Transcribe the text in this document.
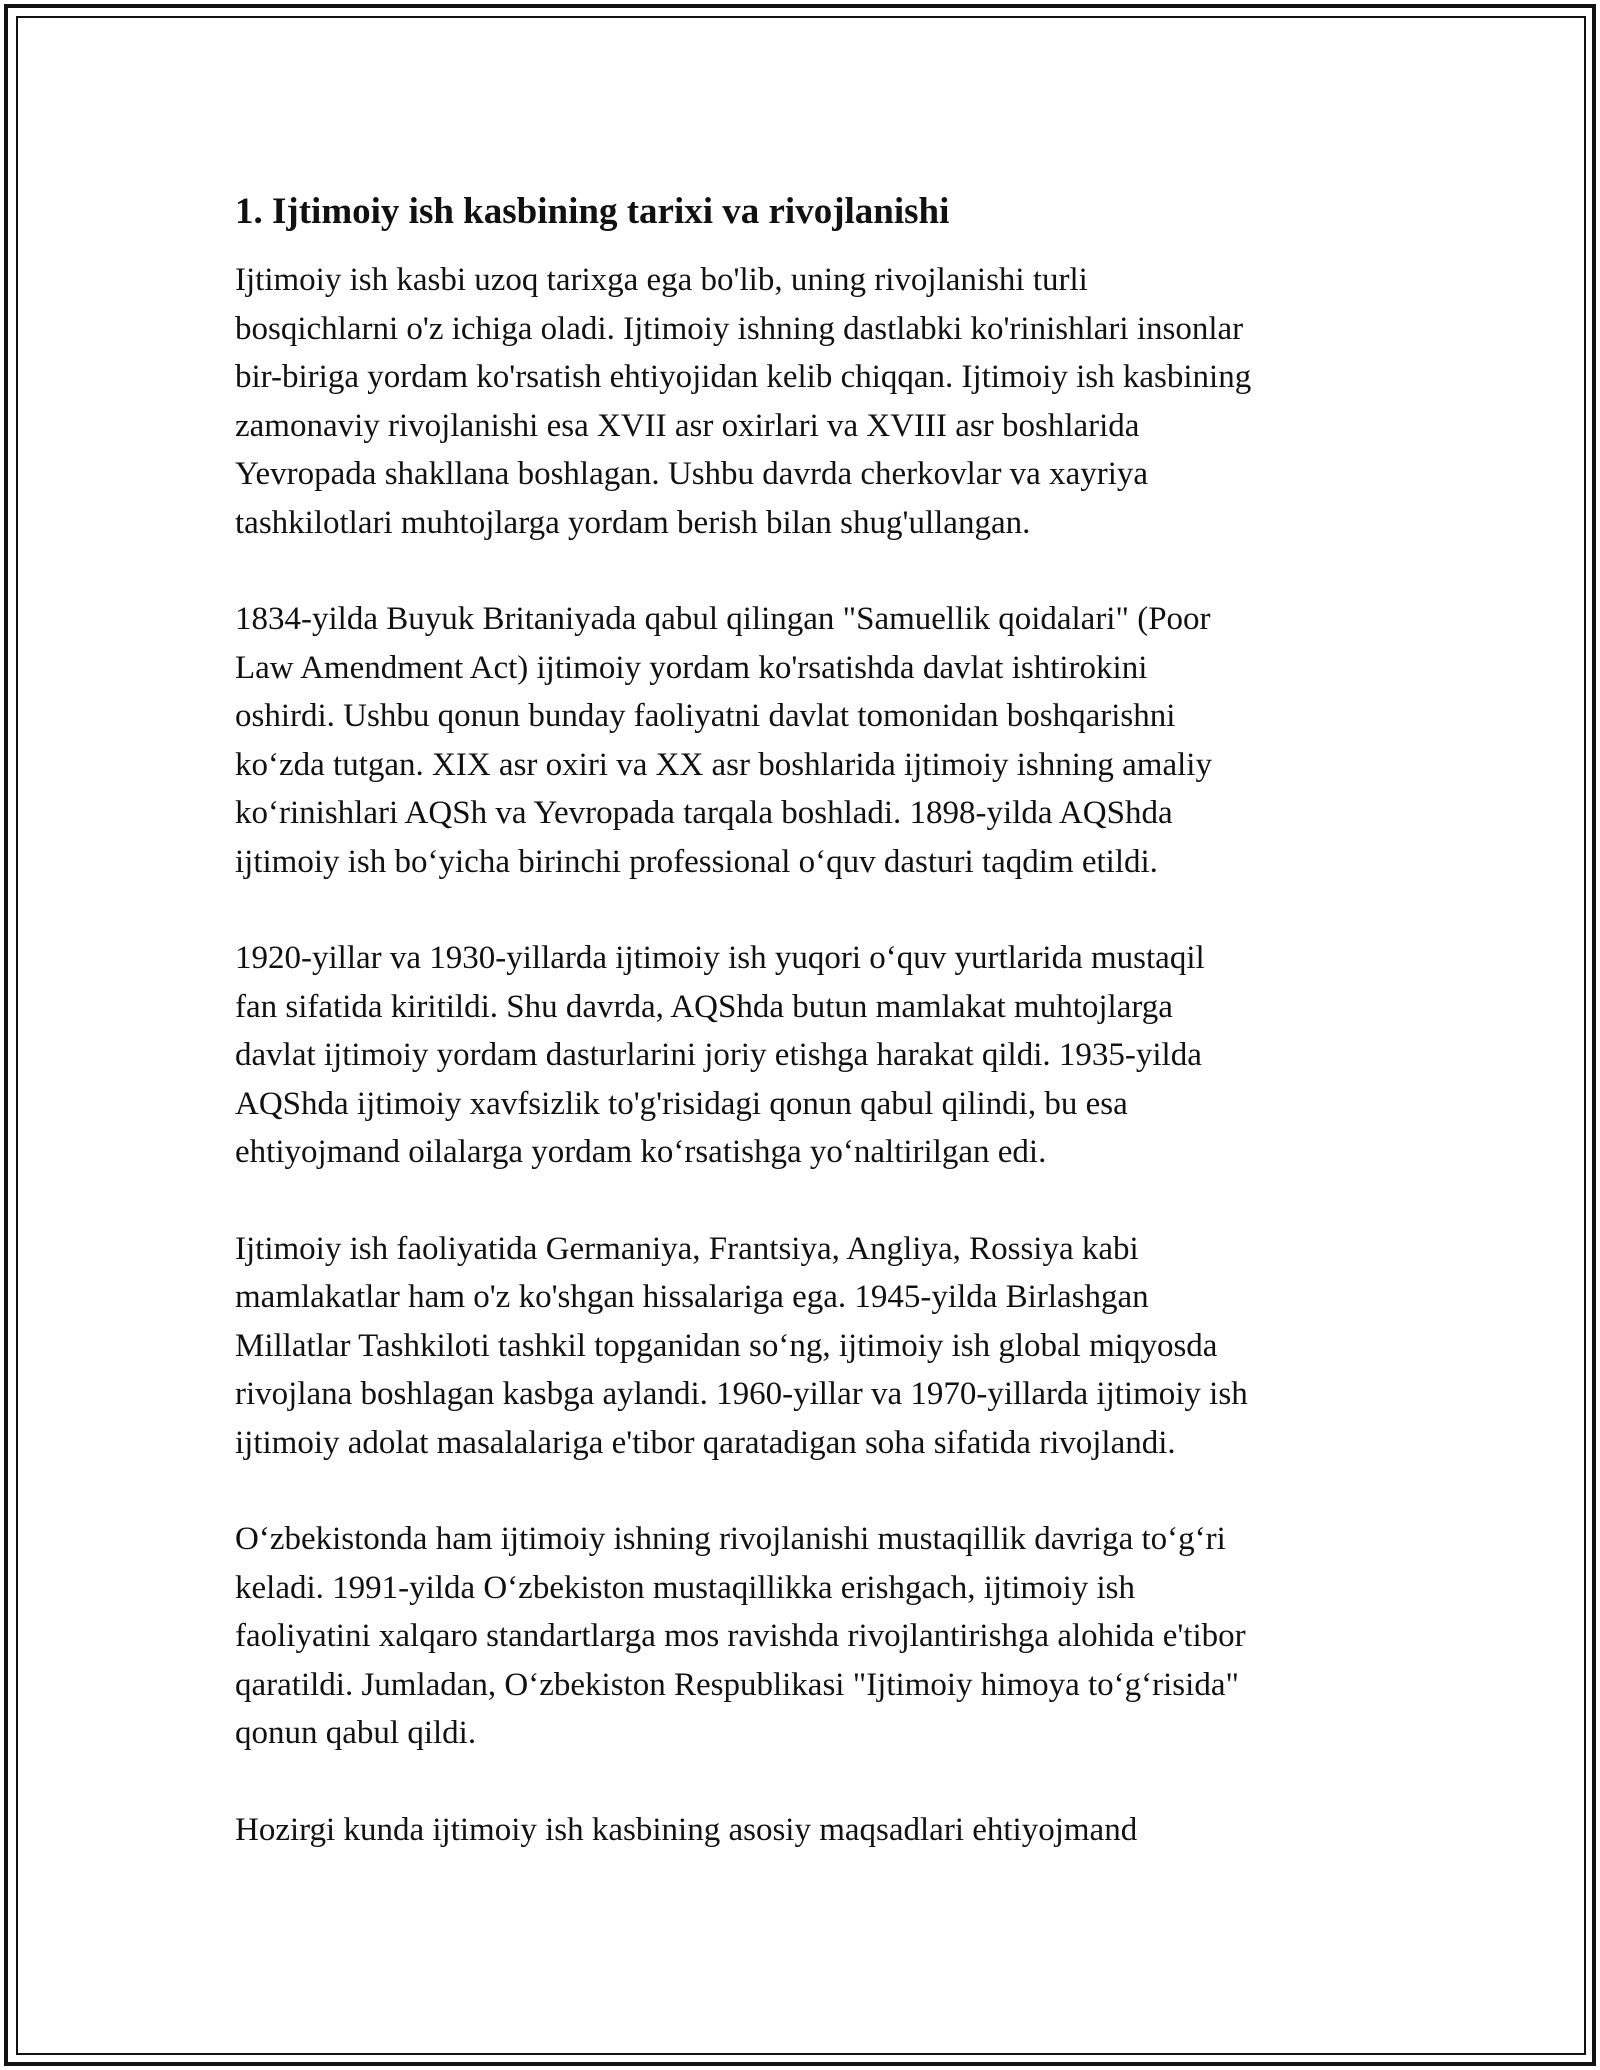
1. Ijtimoiy ish kasbining tarixi va rivojlanishi

Ijtimoiy ish kasbi uzoq tarixga ega bo'lib, uning rivojlanishi turli
bosqichlarni o'z ichiga oladi. Ijtimoiy ishning dastlabki ko'rinishlari insonlar
bir-biriga yordam ko'rsatish ehtiyojidan kelib chiqqan. Ijtimoiy ish kasbining
zamonaviy rivojlanishi esa XVII asr oxirlari va XVIII asr boshlarida
Yevropada shakllana boshlagan. Ushbu davrda cherkovlar va xayriya
tashkilotlari muhtojlarga yordam berish bilan shug'ullangan.

1834-yilda Buyuk Britaniyada qabul qilingan "Samuellik qoidalari" (Poor
Law Amendment Act) ijtimoiy yordam ko'rsatishda davlat ishtirokini
oshirdi. Ushbu qonun bunday faoliyatni davlat tomonidan boshqarishni
koʻzda tutgan. XIX asr oxiri va XX asr boshlarida ijtimoiy ishning amaliy
koʻrinishlari AQSh va Yevropada tarqala boshladi. 1898-yilda AQShda
ijtimoiy ish boʻyicha birinchi professional oʻquv dasturi taqdim etildi.

1920-yillar va 1930-yillarda ijtimoiy ish yuqori oʻquv yurtlarida mustaqil
fan sifatida kiritildi. Shu davrda, AQShda butun mamlakat muhtojlarga
davlat ijtimoiy yordam dasturlarini joriy etishga harakat qildi. 1935-yilda
AQShda ijtimoiy xavfsizlik to'g'risidagi qonun qabul qilindi, bu esa
ehtiyojmand oilalarga yordam koʻrsatishga yoʻnaltirilgan edi.

Ijtimoiy ish faoliyatida Germaniya, Frantsiya, Angliya, Rossiya kabi
mamlakatlar ham o'z ko'shgan hissalariga ega. 1945-yilda Birlashgan
Millatlar Tashkiloti tashkil topganidan soʻng, ijtimoiy ish global miqyosda
rivojlana boshlagan kasbga aylandi. 1960-yillar va 1970-yillarda ijtimoiy ish
ijtimoiy adolat masalalariga e'tibor qaratadigan soha sifatida rivojlandi.

Oʻzbekistonda ham ijtimoiy ishning rivojlanishi mustaqillik davriga toʻgʻri
keladi. 1991-yilda Oʻzbekiston mustaqillikka erishgach, ijtimoiy ish
faoliyatini xalqaro standartlarga mos ravishda rivojlantirishga alohida e'tibor
qaratildi. Jumladan, Oʻzbekiston Respublikasi "Ijtimoiy himoya toʻgʻrisida"
qonun qabul qildi.

Hozirgi kunda ijtimoiy ish kasbining asosiy maqsadlari ehtiyojmand
